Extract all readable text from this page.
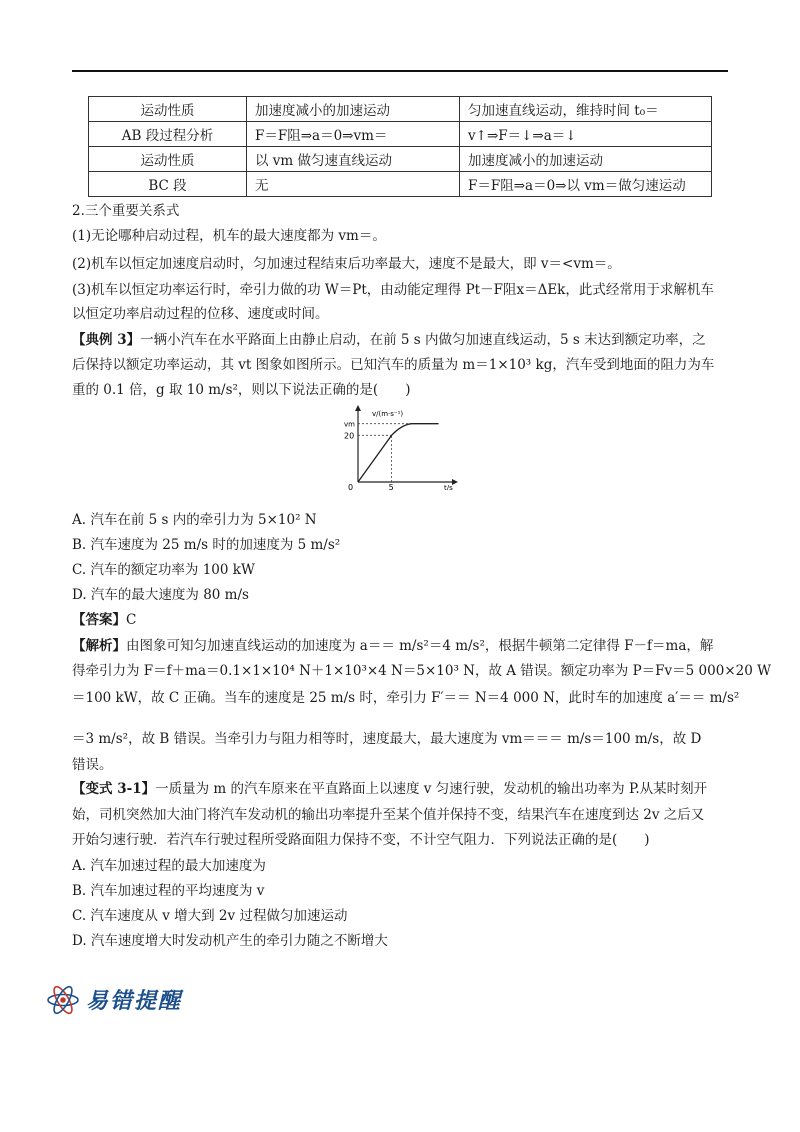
运动性质	加速度减小的加速运动	匀加速直线运动，维持时间 t₀＝
AB 段过程分析	F＝F阻⇒a＝0⇒vm＝	v↑⇒F＝↓⇒a＝↓
运动性质	以 vm 做匀速直线运动	加速度减小的加速运动
BC 段	无	F＝F阻⇒a＝0⇒以 vm＝做匀速运动
2.三个重要关系式
(1)无论哪种启动过程，机车的最大速度都为 vm＝。
(2)机车以恒定加速度启动时，匀加速过程结束后功率最大，速度不是最大，即 v＝<vm＝。
(3)机车以恒定功率运行时，牵引力做的功 W＝Pt，由动能定理得 Pt－F阻x＝ΔEk，此式经常用于求解机车
以恒定功率启动过程的位移、速度或时间。
【典例 3】一辆小汽车在水平路面上由静止启动，在前 5 s 内做匀加速直线运动，5 s 末达到额定功率，之
后保持以额定功率运动，其 vt 图象如图所示。已知汽车的质量为 m＝1×10³ kg，汽车受到地面的阻力为车
重的 0.1 倍，g 取 10 m/s²，则以下说法正确的是(　　)
v/(m·s⁻¹)
vm
20
0	5	t/s
A. 汽车在前 5 s 内的牵引力为 5×10² N
B. 汽车速度为 25 m/s 时的加速度为 5 m/s²
C. 汽车的额定功率为 100 kW
D. 汽车的最大速度为 80 m/s
【答案】C
【解析】由图象可知匀加速直线运动的加速度为 a＝＝ m/s²＝4 m/s²，根据牛顿第二定律得 F－f＝ma，解
得牵引力为 F＝f＋ma＝0.1×1×10⁴ N＋1×10³×4 N＝5×10³ N，故 A 错误。额定功率为 P＝Fv＝5 000×20 W
＝100 kW，故 C 正确。当车的速度是 25 m/s 时，牵引力 F′＝＝ N＝4 000 N，此时车的加速度 a′＝＝ m/s²
＝3 m/s²，故 B 错误。当牵引力与阻力相等时，速度最大，最大速度为 vm＝＝＝ m/s＝100 m/s，故 D
错误。
【变式 3-1】一质量为 m 的汽车原来在平直路面上以速度 v 匀速行驶，发动机的输出功率为 P.从某时刻开
始，司机突然加大油门将汽车发动机的输出功率提升至某个值并保持不变，结果汽车在速度到达 2v 之后又
开始匀速行驶．若汽车行驶过程所受路面阻力保持不变，不计空气阻力．下列说法正确的是(　　)
A. 汽车加速过程的最大加速度为
B. 汽车加速过程的平均速度为 v
C. 汽车速度从 v 增大到 2v 过程做匀加速运动
D. 汽车速度增大时发动机产生的牵引力随之不断增大
易错提醒
